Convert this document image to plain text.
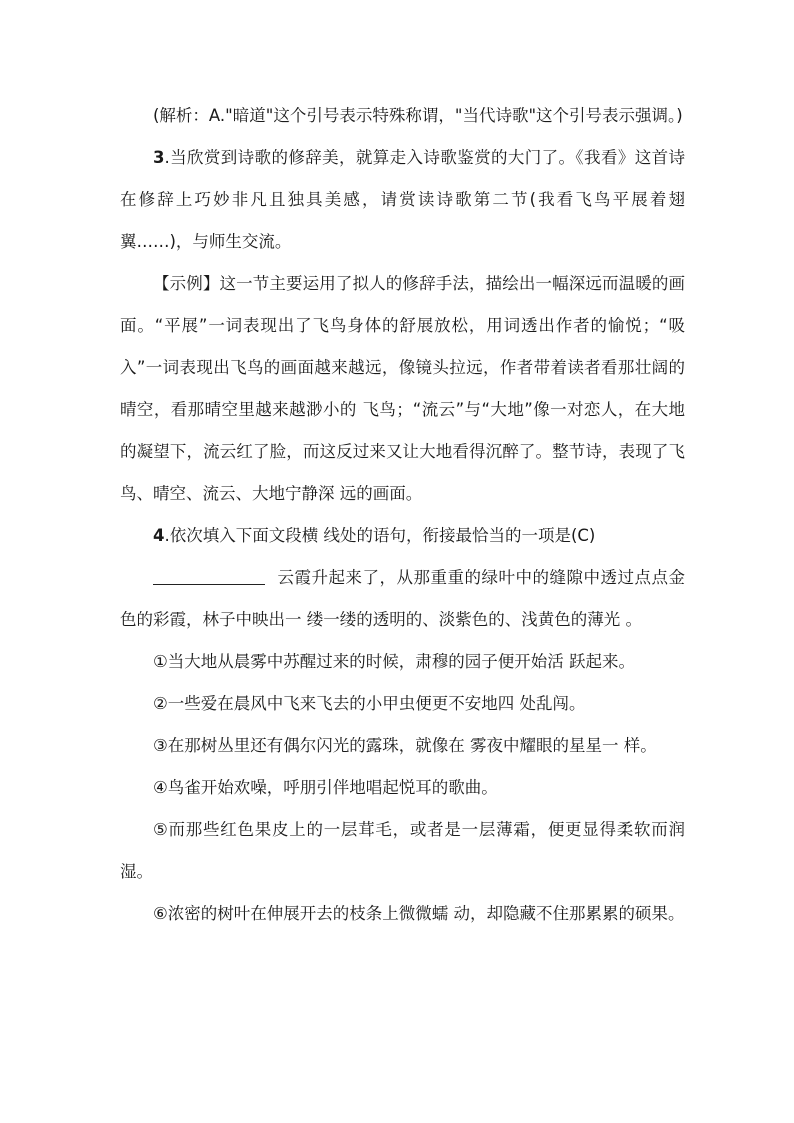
(解析：A."暗道"这个引号表示特殊称谓，"当代诗歌"这个引号表示强调。)

3.当欣赏到诗歌的修辞美，就算走入诗歌鉴赏的大门了。《我看》这首诗在修辞上巧妙非凡且独具美感，请赏读诗歌第二节(我看飞鸟平展着翅翼……)，与师生交流。

【示例】这一节主要运用了拟人的修辞手法，描绘出一幅深远而温暖的画面。“平展”一词表现出了飞鸟身体的舒展放松，用词透出作者的愉悦；“吸入”一词表现出飞鸟的画面越来越远，像镜头拉远，作者带着读者看那壮阔的晴空，看那晴空里越来越渺小的 飞鸟；“流云”与“大地”像一对恋人，在大地的凝望下，流云红了脸，而这反过来又让大地看得沉醉了。整节诗，表现了飞鸟、晴空、流云、大地宁静深 远的画面。

4.依次填入下面文段横 线处的语句，衔接最恰当的一项是(C)

云霞升起来了，从那重重的绿叶中的缝隙中透过点点金色的彩霞，林子中映出一 缕一缕的透明的、淡紫色的、浅黄色的薄光 。

①当大地从晨雾中苏醒过来的时候，肃穆的园子便开始活 跃起来。

②一些爱在晨风中飞来飞去的小甲虫便更不安地四 处乱闯。

③在那树丛里还有偶尔闪光的露珠，就像在 雾夜中耀眼的星星一 样。

④鸟雀开始欢噪，呼朋引伴地唱起悦耳的歌曲。

⑤而那些红色果皮上的一层茸毛，或者是一层薄霜，便更显得柔软而润湿。

⑥浓密的树叶在伸展开去的枝条上微微蠕 动，却隐藏不住那累累的硕果。
